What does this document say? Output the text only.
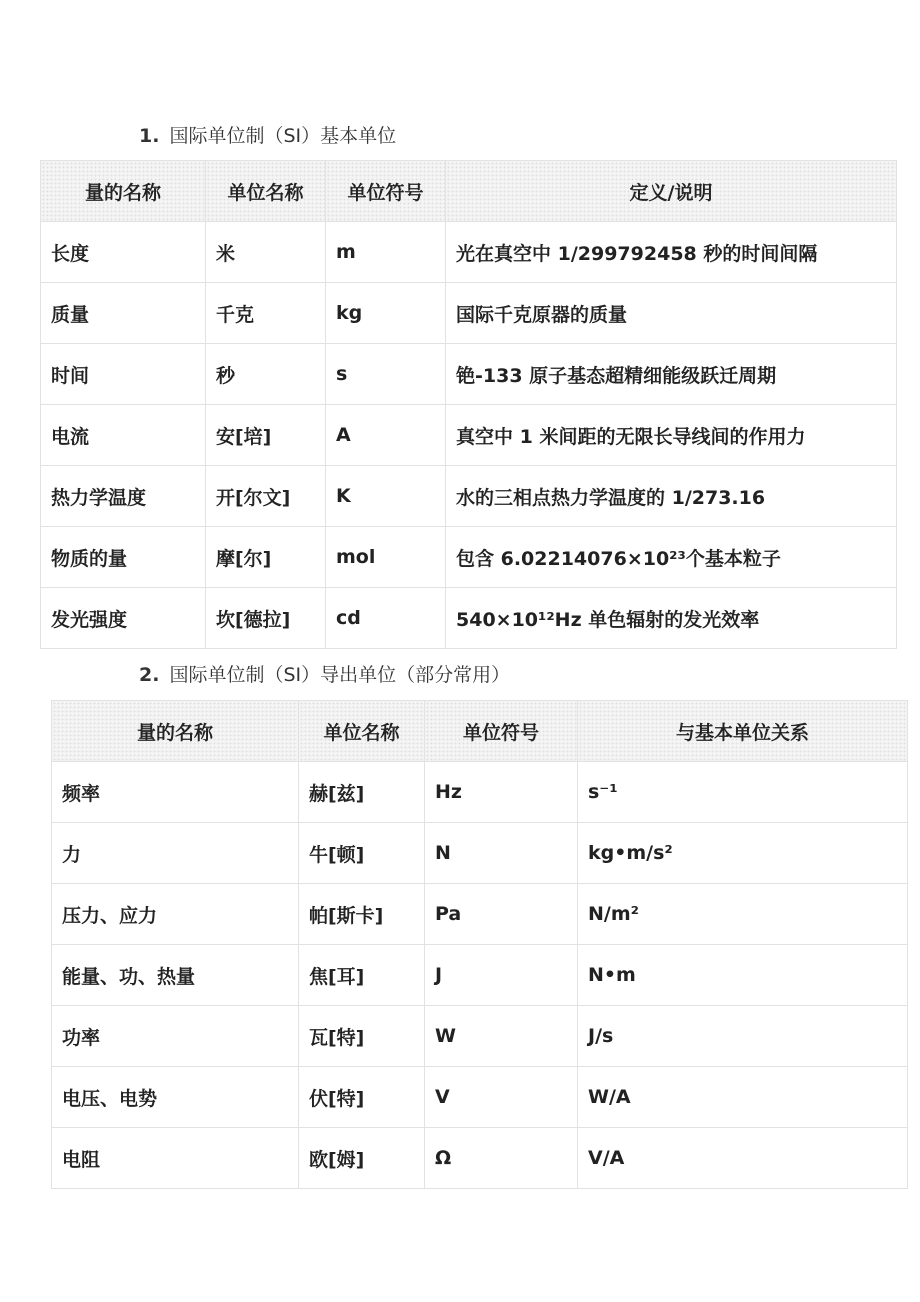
1. 国际单位制（SI）基本单位
量的名称	单位名称	单位符号	定义/说明
长度	米	m	光在真空中 1/299792458 秒的时间间隔
质量	千克	kg	国际千克原器的质量
时间	秒	s	铯-133 原子基态超精细能级跃迁周期
电流	安[培]	A	真空中 1 米间距的无限长导线间的作用力
热力学温度	开[尔文]	K	水的三相点热力学温度的 1/273.16
物质的量	摩[尔]	mol	包含 6.02214076×10²³个基本粒子
发光强度	坎[德拉]	cd	540×10¹²Hz 单色辐射的发光效率
2. 国际单位制（SI）导出单位（部分常用）
量的名称	单位名称	单位符号	与基本单位关系
频率	赫[兹]	Hz	s⁻¹
力	牛[顿]	N	kg•m/s²
压力、应力	帕[斯卡]	Pa	N/m²
能量、功、热量	焦[耳]	J	N•m
功率	瓦[特]	W	J/s
电压、电势	伏[特]	V	W/A
电阻	欧[姆]	Ω	V/A
